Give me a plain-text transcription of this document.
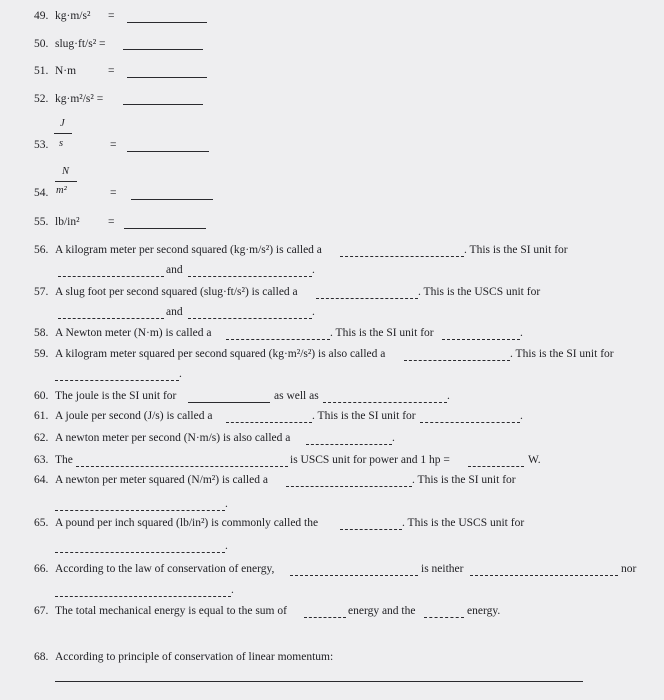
49. kg·m/s² =
50. slug·ft/s² =
51. N·m	=
52. kg·m²/s² =
J
53. s	=
N
54. m²	=
55. lb/in² =
56. A kilogram meter per second squared (kg·m/s²) is called a	. This is the SI unit for
and	.
57. A slug foot per second squared (slug·ft/s²) is called a	. This is the USCS unit for
and	.
58. A Newton meter (N·m) is called a	. This is the SI unit for	.
59. A kilogram meter squared per second squared (kg·m²/s²) is also called a	. This is the SI unit for
.
60. The joule is the SI unit for	as well as	.
61. A joule per second (J/s) is called a	. This is the SI unit for	.
62. A newton meter per second (N·m/s) is also called a	.
63. The	is USCS unit for power and 1 hp =	W.
64. A newton per meter squared (N/m²) is called a	. This is the SI unit for
.
65. A pound per inch squared (lb/in²) is commonly called the	. This is the USCS unit for
.
66. According to the law of conservation of energy,	is neither	nor
.
67. The total mechanical energy is equal to the sum of	energy and the	energy.
68. According to principle of conservation of linear momentum:
